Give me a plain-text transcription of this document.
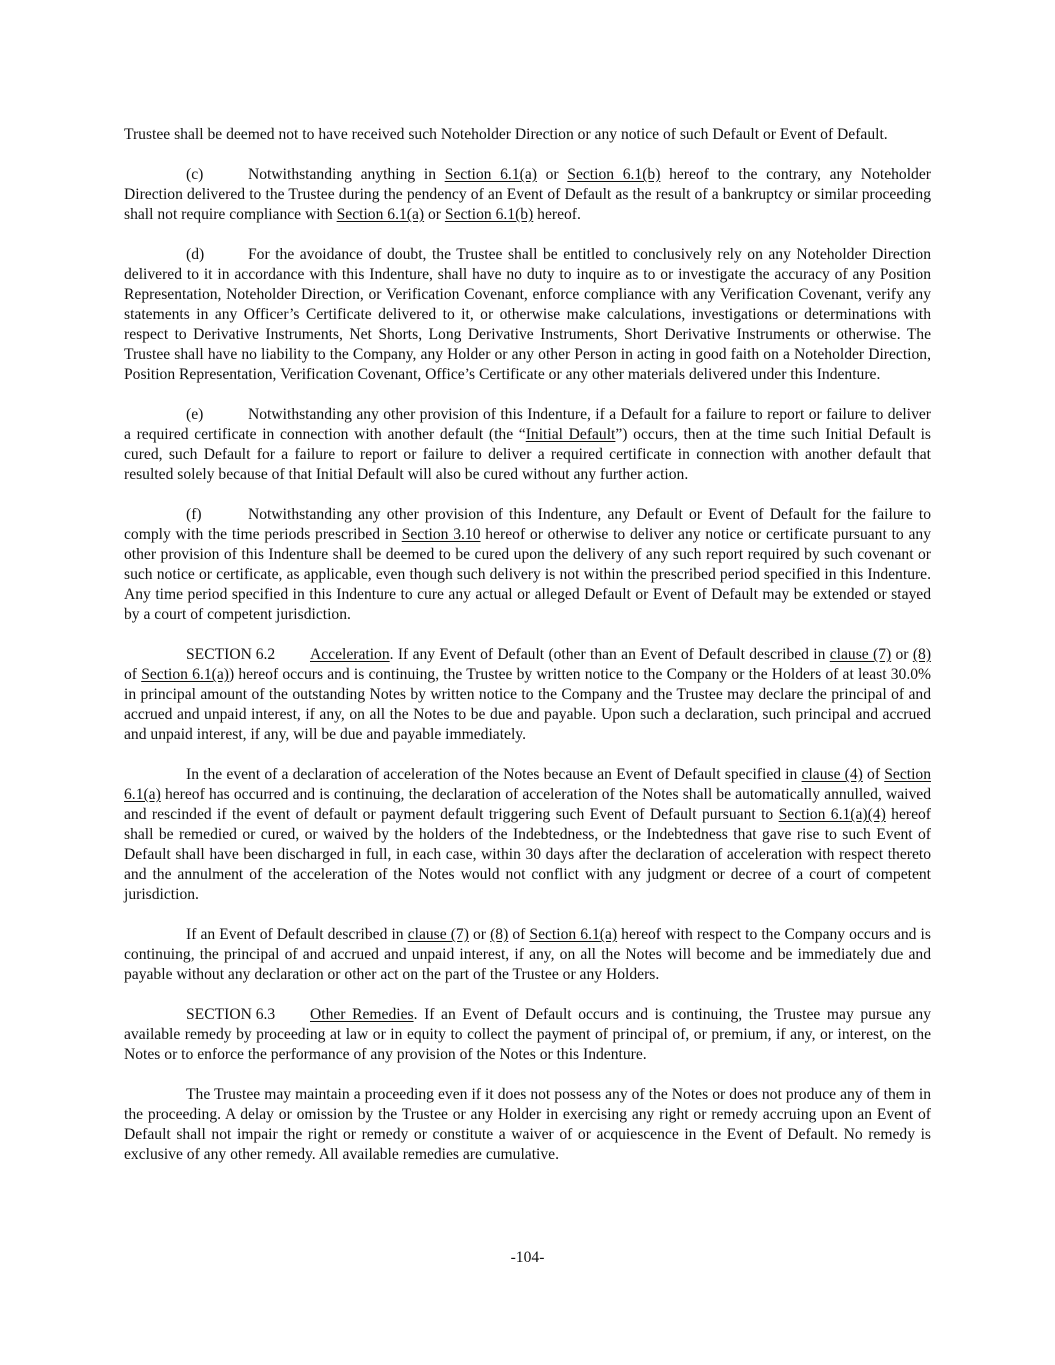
Trustee shall be deemed not to have received such Noteholder Direction or any notice of such Default or Event of Default.

(c)	Notwithstanding anything in Section 6.1(a) or Section 6.1(b) hereof to the contrary, any Noteholder Direction delivered to the Trustee during the pendency of an Event of Default as the result of a bankruptcy or similar proceeding shall not require compliance with Section 6.1(a) or Section 6.1(b) hereof.

(d)	For the avoidance of doubt, the Trustee shall be entitled to conclusively rely on any Noteholder Direction delivered to it in accordance with this Indenture, shall have no duty to inquire as to or investigate the accuracy of any Position Representation, Noteholder Direction, or Verification Covenant, enforce compliance with any Verification Covenant, verify any statements in any Officer’s Certificate delivered to it, or otherwise make calculations, investigations or determinations with respect to Derivative Instruments, Net Shorts, Long Derivative Instruments, Short Derivative Instruments or otherwise. The Trustee shall have no liability to the Company, any Holder or any other Person in acting in good faith on a Noteholder Direction, Position Representation, Verification Covenant, Office’s Certificate or any other materials delivered under this Indenture.

(e)	Notwithstanding any other provision of this Indenture, if a Default for a failure to report or failure to deliver a required certificate in connection with another default (the “Initial Default”) occurs, then at the time such Initial Default is cured, such Default for a failure to report or failure to deliver a required certificate in connection with another default that resulted solely because of that Initial Default will also be cured without any further action.

(f)	Notwithstanding any other provision of this Indenture, any Default or Event of Default for the failure to comply with the time periods prescribed in Section 3.10 hereof or otherwise to deliver any notice or certificate pursuant to any other provision of this Indenture shall be deemed to be cured upon the delivery of any such report required by such covenant or such notice or certificate, as applicable, even though such delivery is not within the prescribed period specified in this Indenture. Any time period specified in this Indenture to cure any actual or alleged Default or Event of Default may be extended or stayed by a court of competent jurisdiction.

SECTION 6.2 Acceleration. If any Event of Default (other than an Event of Default described in clause (7) or (8) of Section 6.1(a)) hereof occurs and is continuing, the Trustee by written notice to the Company or the Holders of at least 30.0% in principal amount of the outstanding Notes by written notice to the Company and the Trustee may declare the principal of and accrued and unpaid interest, if any, on all the Notes to be due and payable. Upon such a declaration, such principal and accrued and unpaid interest, if any, will be due and payable immediately.

In the event of a declaration of acceleration of the Notes because an Event of Default specified in clause (4) of Section 6.1(a) hereof has occurred and is continuing, the declaration of acceleration of the Notes shall be automatically annulled, waived and rescinded if the event of default or payment default triggering such Event of Default pursuant to Section 6.1(a)(4) hereof shall be remedied or cured, or waived by the holders of the Indebtedness, or the Indebtedness that gave rise to such Event of Default shall have been discharged in full, in each case, within 30 days after the declaration of acceleration with respect thereto and the annulment of the acceleration of the Notes would not conflict with any judgment or decree of a court of competent jurisdiction.

If an Event of Default described in clause (7) or (8) of Section 6.1(a) hereof with respect to the Company occurs and is continuing, the principal of and accrued and unpaid interest, if any, on all the Notes will become and be immediately due and payable without any declaration or other act on the part of the Trustee or any Holders.

SECTION 6.3 Other Remedies. If an Event of Default occurs and is continuing, the Trustee may pursue any available remedy by proceeding at law or in equity to collect the payment of principal of, or premium, if any, or interest, on the Notes or to enforce the performance of any provision of the Notes or this Indenture.

The Trustee may maintain a proceeding even if it does not possess any of the Notes or does not produce any of them in the proceeding. A delay or omission by the Trustee or any Holder in exercising any right or remedy accruing upon an Event of Default shall not impair the right or remedy or constitute a waiver of or acquiescence in the Event of Default. No remedy is exclusive of any other remedy. All available remedies are cumulative.

-104-
